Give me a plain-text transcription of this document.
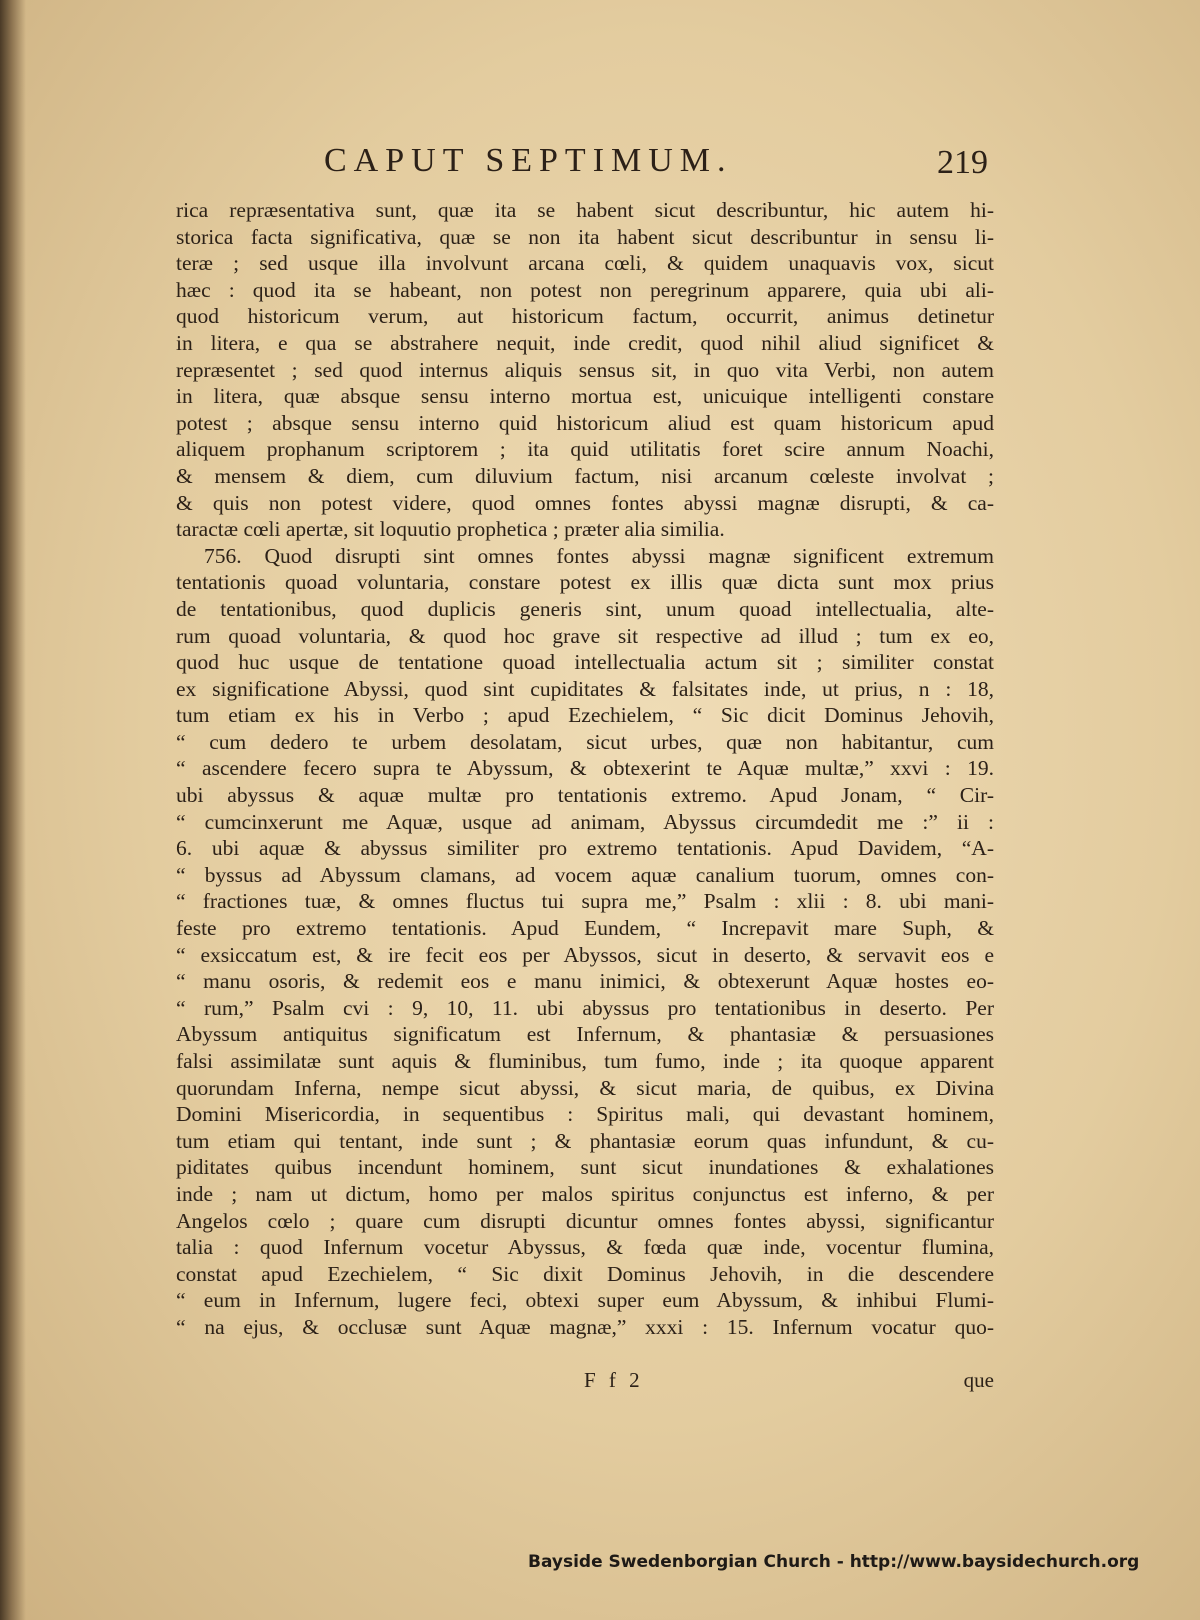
CAPUT SEPTIMUM.	219
rica repræsentativa sunt, quæ ita se habent sicut describuntur, hic autem hi-
storica facta significativa, quæ se non ita habent sicut describuntur in sensu li-
teræ ; sed usque illa involvunt arcana cœli, & quidem unaquavis vox, sicut
hæc : quod ita se habeant, non potest non peregrinum apparere, quia ubi ali-
quod historicum verum, aut historicum factum, occurrit, animus detinetur
in litera, e qua se abstrahere nequit, inde credit, quod nihil aliud significet &
repræsentet ; sed quod internus aliquis sensus sit, in quo vita Verbi, non autem
in litera, quæ absque sensu interno mortua est, unicuique intelligenti constare
potest ; absque sensu interno quid historicum aliud est quam historicum apud
aliquem prophanum scriptorem ; ita quid utilitatis foret scire annum Noachi,
& mensem & diem, cum diluvium factum, nisi arcanum cœleste involvat ;
& quis non potest videre, quod omnes fontes abyssi magnæ disrupti, & ca-
taractæ cœli apertæ, sit loquutio prophetica ; præter alia similia.
756. Quod disrupti sint omnes fontes abyssi magnæ significent extremum
tentationis quoad voluntaria, constare potest ex illis quæ dicta sunt mox prius
de tentationibus, quod duplicis generis sint, unum quoad intellectualia, alte-
rum quoad voluntaria, & quod hoc grave sit respective ad illud ; tum ex eo,
quod huc usque de tentatione quoad intellectualia actum sit ; similiter constat
ex significatione Abyssi, quod sint cupiditates & falsitates inde, ut prius, n : 18,
tum etiam ex his in Verbo ; apud Ezechielem, “ Sic dicit Dominus Jehovih,
“ cum dedero te urbem desolatam, sicut urbes, quæ non habitantur, cum
“ ascendere fecero supra te Abyssum, & obtexerint te Aquæ multæ,” xxvi : 19.
ubi abyssus & aquæ multæ pro tentationis extremo. Apud Jonam, “ Cir-
“ cumcinxerunt me Aquæ, usque ad animam, Abyssus circumdedit me :” ii :
6. ubi aquæ & abyssus similiter pro extremo tentationis. Apud Davidem, “A-
“ byssus ad Abyssum clamans, ad vocem aquæ canalium tuorum, omnes con-
“ fractiones tuæ, & omnes fluctus tui supra me,” Psalm : xlii : 8. ubi mani-
feste pro extremo tentationis. Apud Eundem, “ Increpavit mare Suph, &
“ exsiccatum est, & ire fecit eos per Abyssos, sicut in deserto, & servavit eos e
“ manu osoris, & redemit eos e manu inimici, & obtexerunt Aquæ hostes eo-
“ rum,” Psalm cvi : 9, 10, 11. ubi abyssus pro tentationibus in deserto. Per
Abyssum antiquitus significatum est Infernum, & phantasiæ & persuasiones
falsi assimilatæ sunt aquis & fluminibus, tum fumo, inde ; ita quoque apparent
quorundam Inferna, nempe sicut abyssi, & sicut maria, de quibus, ex Divina
Domini Misericordia, in sequentibus : Spiritus mali, qui devastant hominem,
tum etiam qui tentant, inde sunt ; & phantasiæ eorum quas infundunt, & cu-
piditates quibus incendunt hominem, sunt sicut inundationes & exhalationes
inde ; nam ut dictum, homo per malos spiritus conjunctus est inferno, & per
Angelos cœlo ; quare cum disrupti dicuntur omnes fontes abyssi, significantur
talia : quod Infernum vocetur Abyssus, & fœda quæ inde, vocentur flumina,
constat apud Ezechielem, “ Sic dixit Dominus Jehovih, in die descendere
“ eum in Infernum, lugere feci, obtexi super eum Abyssum, & inhibui Flumi-
“ na ejus, & occlusæ sunt Aquæ magnæ,” xxxi : 15. Infernum vocatur quo-
F f 2	que
Bayside Swedenborgian Church - http://www.baysidechurch.org
